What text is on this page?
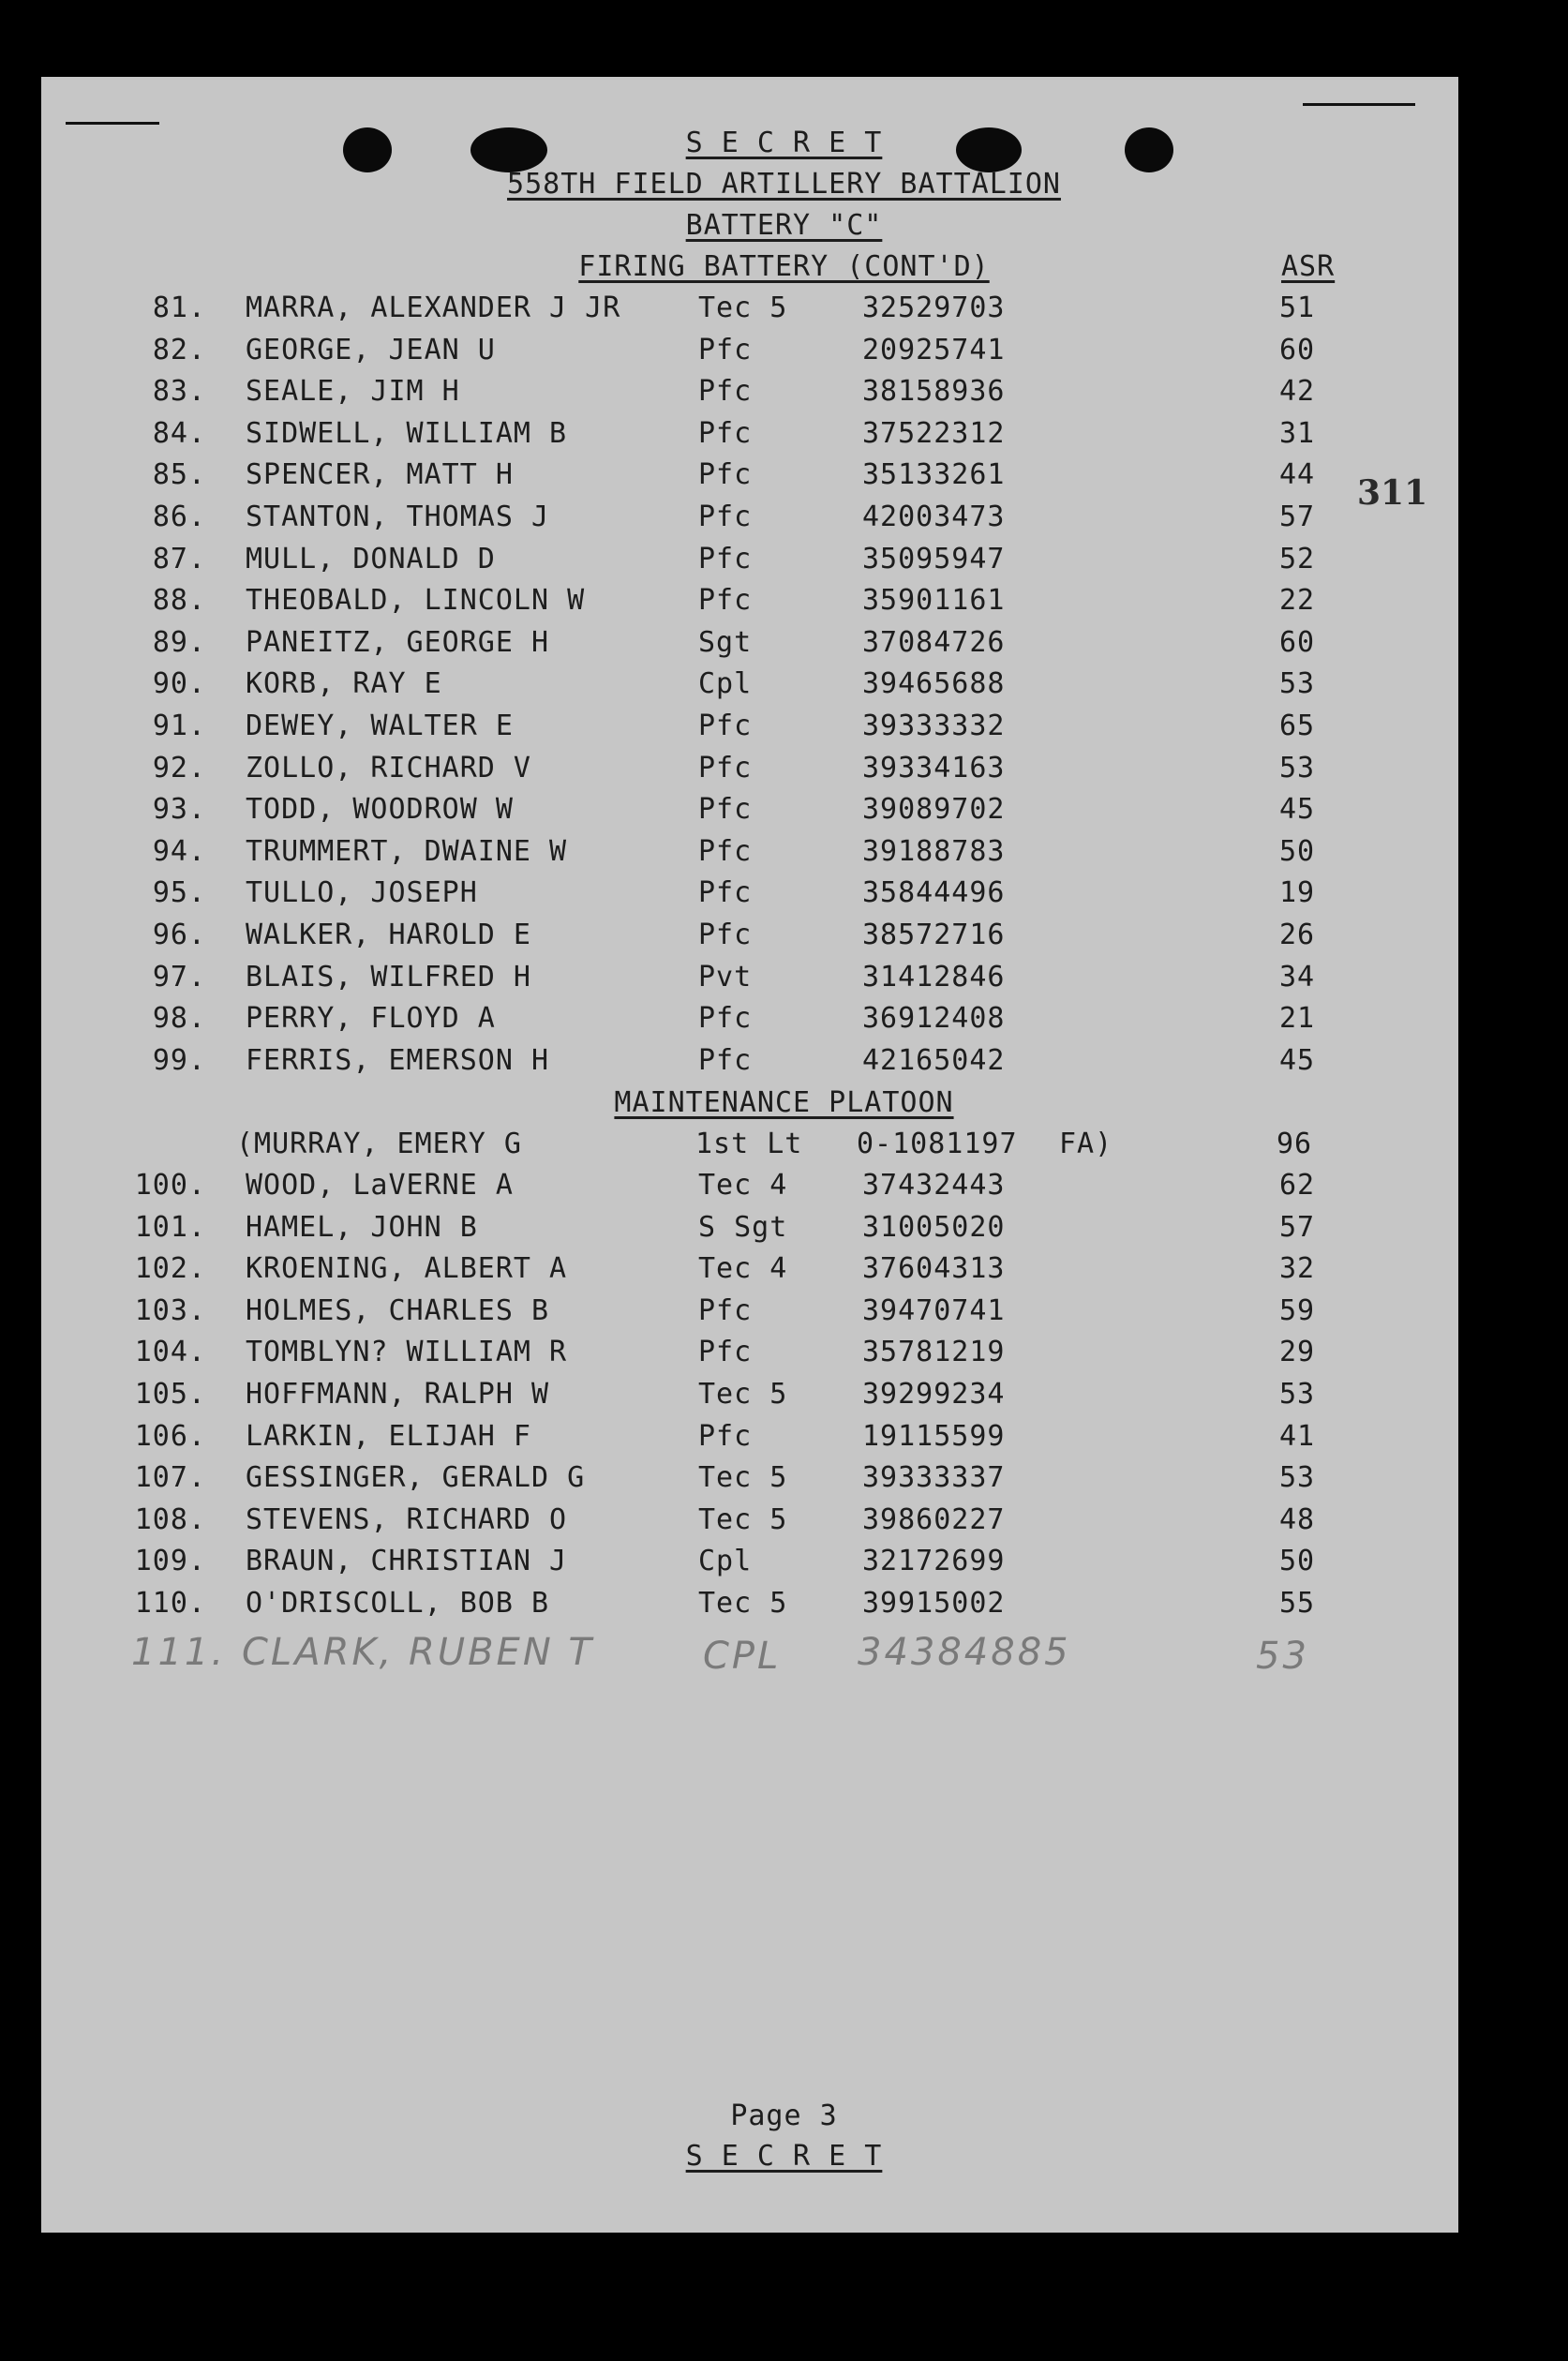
S E C R E T
558TH FIELD ARTILLERY BATTALION
BATTERY "C"
FIRING BATTERY (CONT'D)	ASR
311
81. MARRA, ALEXANDER J JR	Tec 5	32529703	51
82. GEORGE, JEAN U	Pfc	20925741	60
83. SEALE, JIM H	Pfc	38158936	42
84. SIDWELL, WILLIAM B	Pfc	37522312	31
85. SPENCER, MATT H	Pfc	35133261	44
86. STANTON, THOMAS J	Pfc	42003473	57
87. MULL, DONALD D	Pfc	35095947	52
88. THEOBALD, LINCOLN W	Pfc	35901161	22
89. PANEITZ, GEORGE H	Sgt	37084726	60
90. KORB, RAY E	Cpl	39465688	53
91. DEWEY, WALTER E	Pfc	39333332	65
92. ZOLLO, RICHARD V	Pfc	39334163	53
93. TODD, WOODROW W	Pfc	39089702	45
94. TRUMMERT, DWAINE W	Pfc	39188783	50
95. TULLO, JOSEPH	Pfc	35844496	19
96. WALKER, HAROLD E	Pfc	38572716	26
97. BLAIS, WILFRED H	Pvt	31412846	34
98. PERRY, FLOYD A	Pfc	36912408	21
99. FERRIS, EMERSON H	Pfc	42165042	45
MAINTENANCE PLATOON
(MURRAY, EMERY G	1st Lt 0-1081197 FA)	96
100. WOOD, LaVERNE A	Tec 4	37432443	62
101. HAMEL, JOHN B	S Sgt	31005020	57
102. KROENING, ALBERT A	Tec 4	37604313	32
103. HOLMES, CHARLES B	Pfc	39470741	59
104. TOMBLYN? WILLIAM R	Pfc	35781219	29
105. HOFFMANN, RALPH W	Tec 5	39299234	53
106. LARKIN, ELIJAH F	Pfc	19115599	41
107. GESSINGER, GERALD G	Tec 5	39333337	53
108. STEVENS, RICHARD O	Tec 5	39860227	48
109. BRAUN, CHRISTIAN J	Cpl	32172699	50
110. O'DRISCOLL, BOB B	Tec 5	39915002	55
111. CLARK, RUBEN T	CPL 34384885	53
Page 3
S E C R E T
